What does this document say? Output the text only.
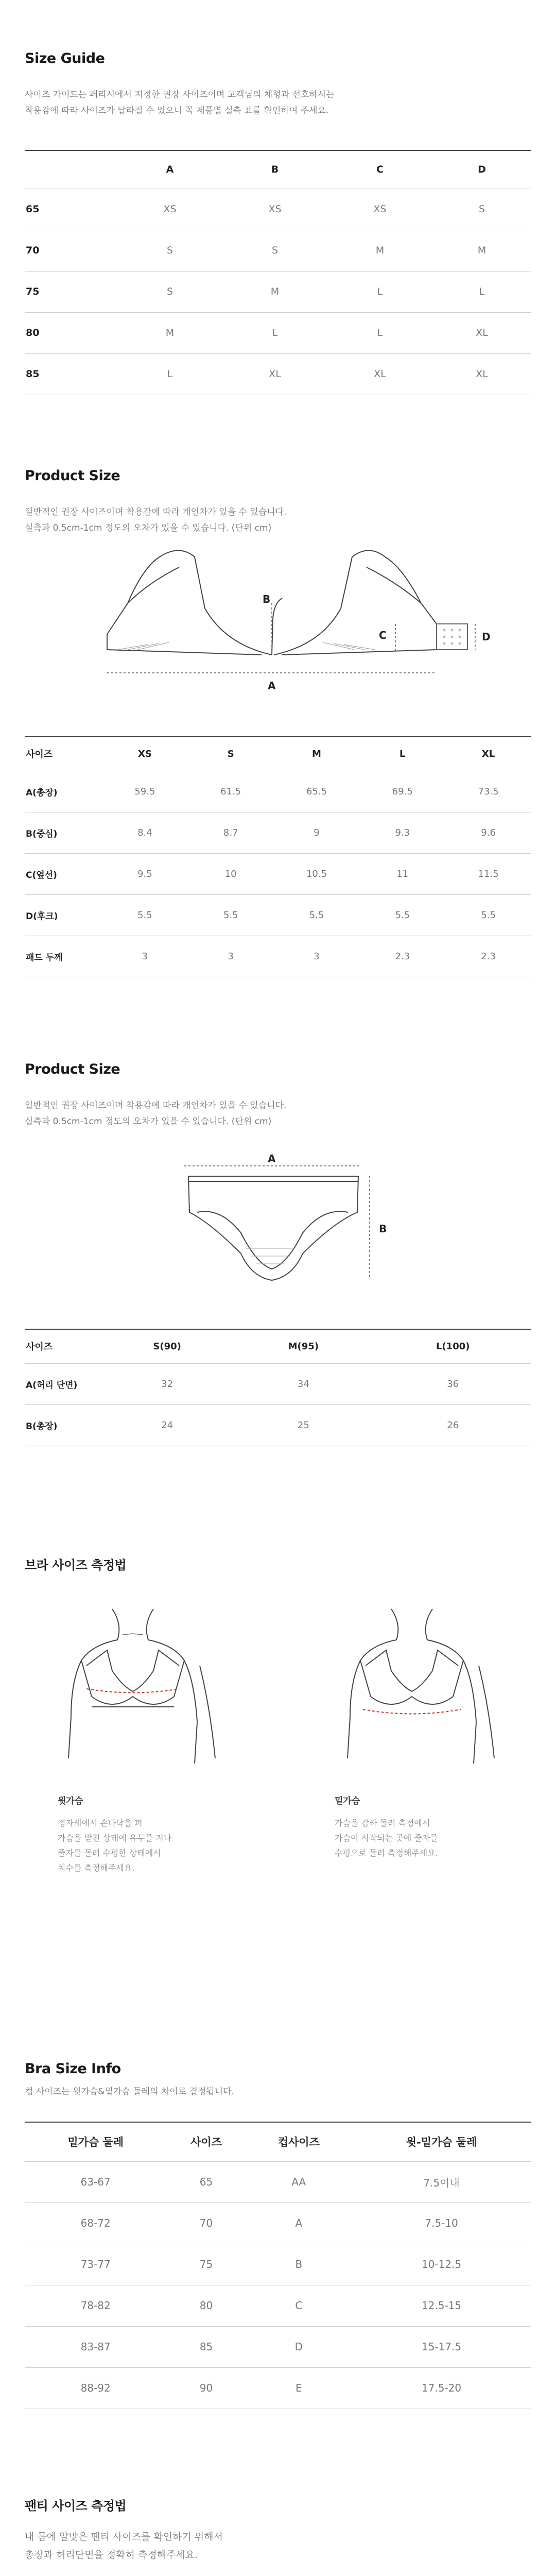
Size Guide

사이즈 가이드는 페리시에서 지정한 권장 사이즈이며 고객님의 체형과 선호하시는

착용감에 따라 사이즈가 달라질 수 있으니 꼭 제품별 실측 표를 확인하여 주세요.

	A	B	C	D
65	XS	XS	XS	S
70	S	S	M	M
75	S	M	L	L
80	M	L	L	XL
85	L	XL	XL	XL
Product Size

일반적인 권장 사이즈이며 착용감에 따라 개인차가 있을 수 있습니다.

실측과 0.5cm-1cm 정도의 오차가 있을 수 있습니다. (단위 cm)

B
C	D
A
사이즈	XS	S	M	L	XL
A(총장)	59.5	61.5	65.5	69.5	73.5
B(중심)	8.4	8.7	9	9.3	9.6
C(옆선)	9.5	10	10.5	11	11.5
D(후크)	5.5	5.5	5.5	5.5	5.5
패드 두께	3	3	3	2.3	2.3
Product Size

일반적인 권장 사이즈이며 착용감에 따라 개인차가 있을 수 있습니다.

실측과 0.5cm-1cm 정도의 오차가 있을 수 있습니다. (단위 cm)

A
B
사이즈	S(90)	M(95)	L(100)
A(허리 단면)	32	34	36
B(총장)	24	25	26
브라 사이즈 측정법

윗가슴

정자세에서 손바닥을 펴

가슴을 받친 상태에 유두를 지나

줄자를 돌려 수평한 상태에서

치수를 측정해주세요.

밑가슴

가슴을 감싸 돌려 측정에서

가슴이 시작되는 곳에 줄자를

수평으로 돌려 측정해주세요.

Bra Size Info

컵 사이즈는 윗가슴&밑가슴 둘레의 차이로 결정됩니다.

밑가슴 둘레	사이즈	컵사이즈	윗-밑가슴 둘레
63-67	65	AA	7.5이내
68-72	70	A	7.5-10
73-77	75	B	10-12.5
78-82	80	C	12.5-15
83-87	85	D	15-17.5
88-92	90	E	17.5-20
팬티 사이즈 측정법

내 몸에 알맞은 팬티 사이즈를 확인하기 위해서

총장과 허리단면을 정확히 측정해주세요.
